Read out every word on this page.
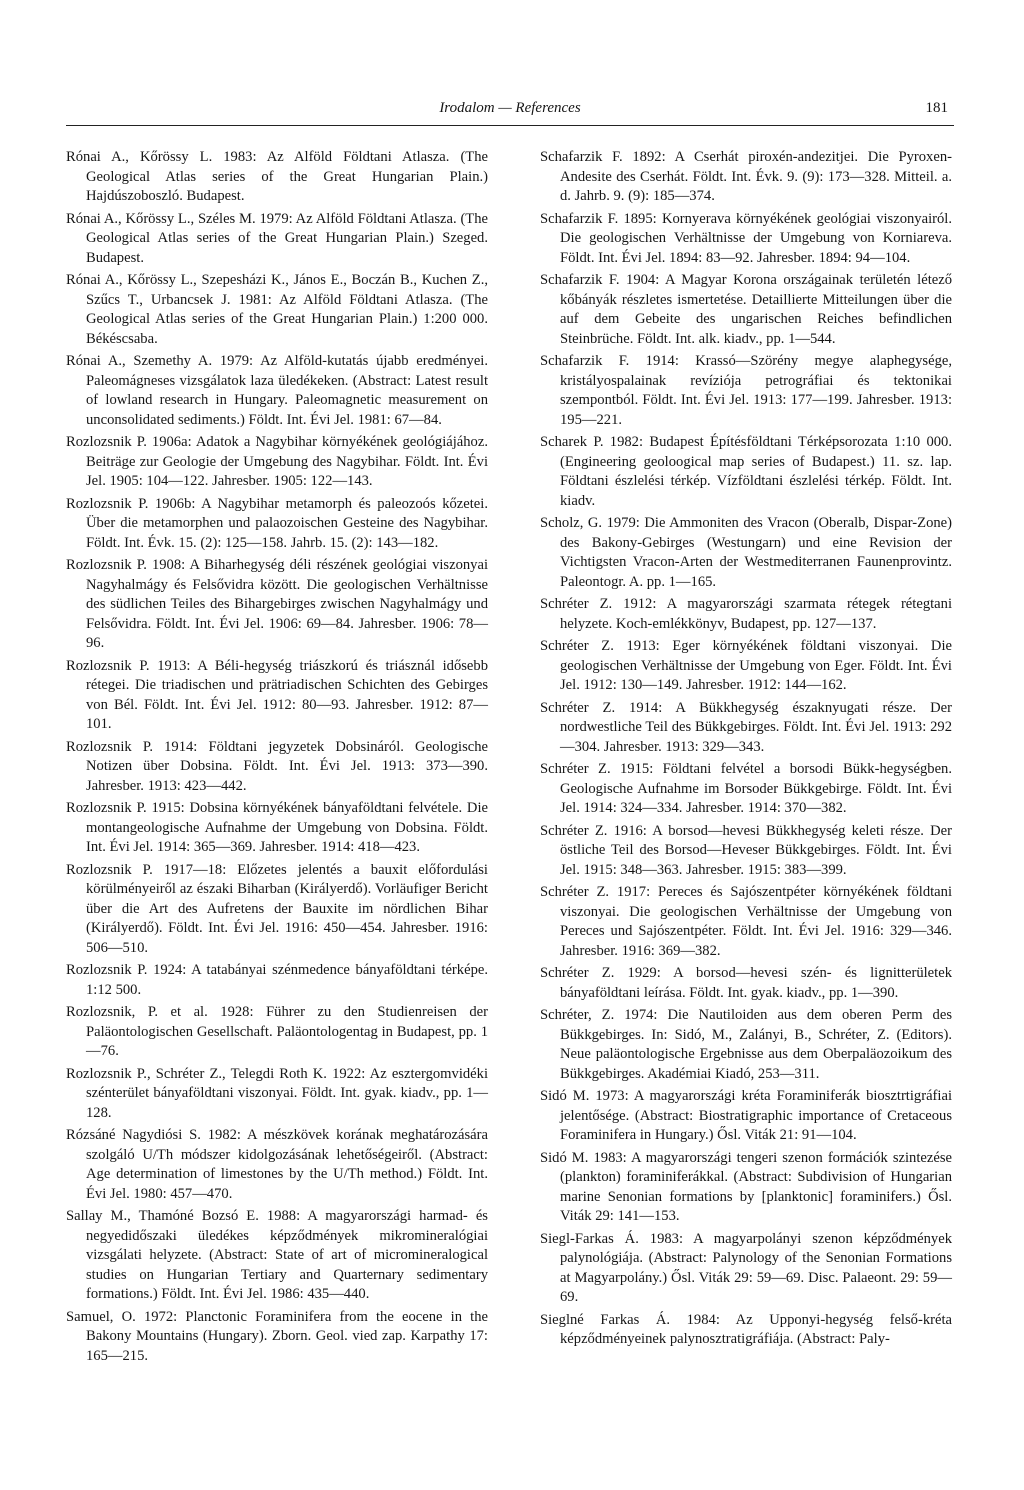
Irodalom — References	181

Rónai A., Kőrössy L. 1983: Az Alföld Földtani Atlasza. (The Geological Atlas series of the Great Hungarian Plain.) Hajdúszoboszló. Budapest.

Rónai A., Kőrössy L., Széles M. 1979: Az Alföld Földtani Atlasza. (The Geological Atlas series of the Great Hungarian Plain.) Szeged. Budapest.

Rónai A., Kőrössy L., Szepesházi K., János E., Boczán B., Kuchen Z., Szűcs T., Urbancsek J. 1981: Az Alföld Földtani Atlasza. (The Geological Atlas series of the Great Hungarian Plain.) 1:200 000. Békéscsaba.

Rónai A., Szemethy A. 1979: Az Alföld-kutatás újabb eredményei. Paleomágneses vizsgálatok laza üledékeken. (Abstract: Latest result of lowland research in Hungary. Paleomagnetic measurement on unconsolidated sediments.) Földt. Int. Évi Jel. 1981: 67—84.

Rozlozsnik P. 1906a: Adatok a Nagybihar környékének geológiájához. Beiträge zur Geologie der Umgebung des Nagybihar. Földt. Int. Évi Jel. 1905: 104—122. Jahresber. 1905: 122—143.

Rozlozsnik P. 1906b: A Nagybihar metamorph és paleozoós kőzetei. Über die metamorphen und palaozoischen Gesteine des Nagybihar. Földt. Int. Évk. 15. (2): 125—158. Jahrb. 15. (2): 143—182.

Rozlozsnik P. 1908: A Biharhegység déli részének geológiai viszonyai Nagyhalmágy és Felsővidra között. Die geologischen Verhältnisse des südlichen Teiles des Bihargebirges zwischen Nagyhalmágy und Felsővidra. Földt. Int. Évi Jel. 1906: 69—84. Jahresber. 1906: 78—96.

Rozlozsnik P. 1913: A Béli-hegység triászkorú és triásznál idősebb rétegei. Die triadischen und prätriadischen Schichten des Gebirges von Bél. Földt. Int. Évi Jel. 1912: 80—93. Jahresber. 1912: 87—101.

Rozlozsnik P. 1914: Földtani jegyzetek Dobsináról. Geologische Notizen über Dobsina. Földt. Int. Évi Jel. 1913: 373—390. Jahresber. 1913: 423—442.

Rozlozsnik P. 1915: Dobsina környékének bányaföldtani felvétele. Die montangeologische Aufnahme der Umgebung von Dobsina. Földt. Int. Évi Jel. 1914: 365—369. Jahresber. 1914: 418—423.

Rozlozsnik P. 1917—18: Előzetes jelentés a bauxit előfordulási körülményeiről az északi Biharban (Királyerdő). Vorläufiger Bericht über die Art des Aufretens der Bauxite im nördlichen Bihar (Királyerdő). Földt. Int. Évi Jel. 1916: 450—454. Jahresber. 1916: 506—510.

Rozlozsnik P. 1924: A tatabányai szénmedence bányaföldtani térképe. 1:12 500.

Rozlozsnik, P. et al. 1928: Führer zu den Studienreisen der Paläontologischen Gesellschaft. Paläontologentag in Budapest, pp. 1—76.

Rozlozsnik P., Schréter Z., Telegdi Roth K. 1922: Az esztergomvidéki szénterület bányaföldtani viszonyai. Földt. Int. gyak. kiadv., pp. 1—128.

Rózsáné Nagydiósi S. 1982: A mészkövek korának meghatározására szolgáló U/Th módszer kidolgozásának lehetőségeiről. (Abstract: Age determination of limestones by the U/Th method.) Földt. Int. Évi Jel. 1980: 457—470.

Sallay M., Thamóné Bozsó E. 1988: A magyarországi harmad- és negyedidőszaki üledékes képződmények mikromineralógiai vizsgálati helyzete. (Abstract: State of art of micromineralogical studies on Hungarian Tertiary and Quarternary sedimentary formations.) Földt. Int. Évi Jel. 1986: 435—440.

Samuel, O. 1972: Planctonic Foraminifera from the eocene in the Bakony Mountains (Hungary). Zborn. Geol. vied zap. Karpathy 17: 165—215.

Schafarzik F. 1892: A Cserhát piroxén-andezitjei. Die Pyroxen-Andesite des Cserhát. Földt. Int. Évk. 9. (9): 173—328. Mitteil. a. d. Jahrb. 9. (9): 185—374.

Schafarzik F. 1895: Kornyerava környékének geológiai viszonyairól. Die geologischen Verhältnisse der Umgebung von Korniareva. Földt. Int. Évi Jel. 1894: 83—92. Jahresber. 1894: 94—104.

Schafarzik F. 1904: A Magyar Korona országainak területén létező kőbányák részletes ismertetése. Detaillierte Mitteilungen über die auf dem Gebeite des ungarischen Reiches befindlichen Steinbrüche. Földt. Int. alk. kiadv., pp. 1—544.

Schafarzik F. 1914: Krassó—Szörény megye alaphegysége, kristályospalainak revíziója petrográfiai és tektonikai szempontból. Földt. Int. Évi Jel. 1913: 177—199. Jahresber. 1913: 195—221.

Scharek P. 1982: Budapest Építésföldtani Térképsorozata 1:10 000. (Engineering geoloogical map series of Budapest.) 11. sz. lap. Földtani észlelési térkép. Vízföldtani észlelési térkép. Földt. Int. kiadv.

Scholz, G. 1979: Die Ammoniten des Vracon (Oberalb, Dispar-Zone) des Bakony-Gebirges (Westungarn) und eine Revision der Vichtigsten Vracon-Arten der Westmediterranen Faunenprovintz. Paleontogr. A. pp. 1—165.

Schréter Z. 1912: A magyarországi szarmata rétegek rétegtani helyzete. Koch-emlékkönyv, Budapest, pp. 127—137.

Schréter Z. 1913: Eger környékének földtani viszonyai. Die geologischen Verhältnisse der Umgebung von Eger. Földt. Int. Évi Jel. 1912: 130—149. Jahresber. 1912: 144—162.

Schréter Z. 1914: A Bükkhegység északnyugati része. Der nordwestliche Teil des Bükkgebirges. Földt. Int. Évi Jel. 1913: 292—304. Jahresber. 1913: 329—343.

Schréter Z. 1915: Földtani felvétel a borsodi Bükk-hegységben. Geologische Aufnahme im Borsoder Bükkgebirge. Földt. Int. Évi Jel. 1914: 324—334. Jahresber. 1914: 370—382.

Schréter Z. 1916: A borsod—hevesi Bükkhegység keleti része. Der östliche Teil des Borsod—Heveser Bükkgebirges. Földt. Int. Évi Jel. 1915: 348—363. Jahresber. 1915: 383—399.

Schréter Z. 1917: Pereces és Sajószentpéter környékének földtani viszonyai. Die geologischen Verhältnisse der Umgebung von Pereces und Sajószentpéter. Földt. Int. Évi Jel. 1916: 329—346. Jahresber. 1916: 369—382.

Schréter Z. 1929: A borsod—hevesi szén- és lignitterületek bányaföldtani leírása. Földt. Int. gyak. kiadv., pp. 1—390.

Schréter, Z. 1974: Die Nautiloiden aus dem oberen Perm des Bükkgebirges. In: Sidó, M., Zalányi, B., Schréter, Z. (Editors). Neue paläontologische Ergebnisse aus dem Oberpaläozoikum des Bükkgebirges. Akadémiai Kiadó, 253—311.

Sidó M. 1973: A magyarországi kréta Foraminiferák biosztrtigráfiai jelentősége. (Abstract: Biostratigraphic importance of Cretaceous Foraminifera in Hungary.) Ősl. Viták 21: 91—104.

Sidó M. 1983: A magyarországi tengeri szenon formációk szintezése (plankton) foraminiferákkal. (Abstract: Subdivision of Hungarian marine Senonian formations by [planktonic] foraminifers.) Ősl. Viták 29: 141—153.

Siegl-Farkas Á. 1983: A magyarpolányi szenon képződmények palynológiája. (Abstract: Palynology of the Senonian Formations at Magyarpolány.) Ősl. Viták 29: 59—69. Disc. Palaeont. 29: 59—69.

Sieglné Farkas Á. 1984: Az Upponyi-hegység felső-kréta képződményeinek palynosztratigráfiája. (Abstract: Paly-
